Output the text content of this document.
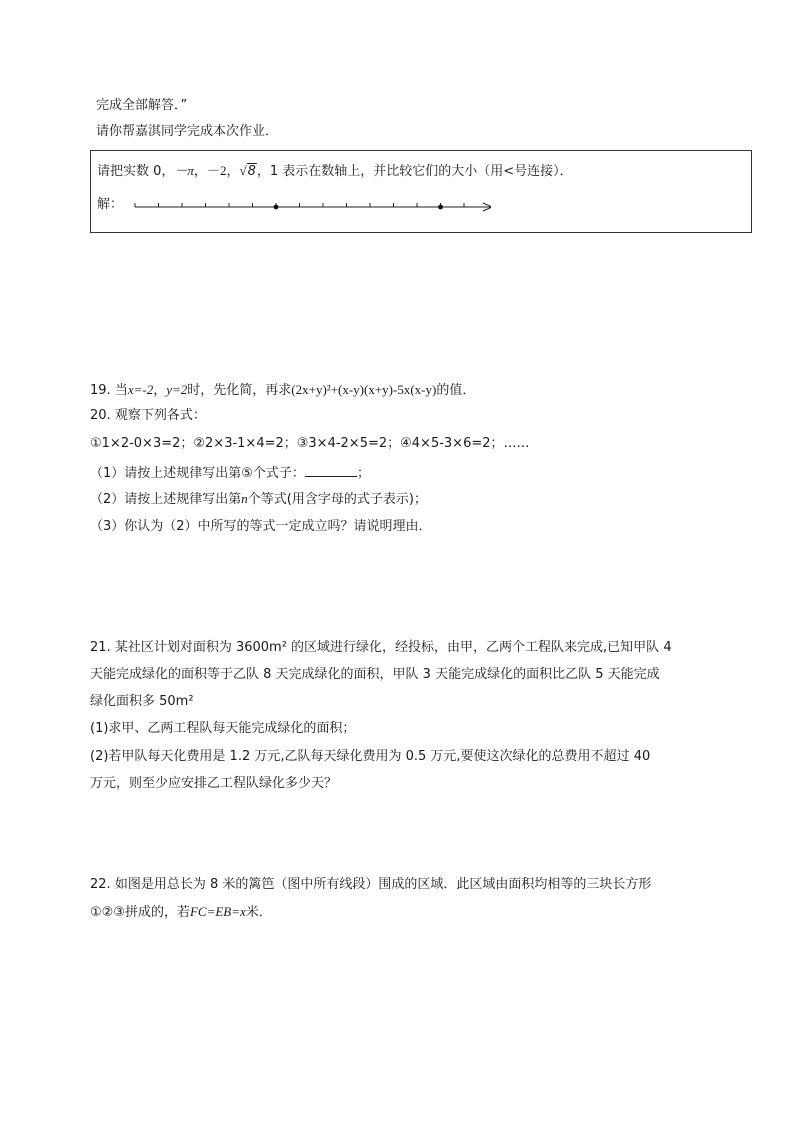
完成全部解答．”
请你帮嘉淇同学完成本次作业．
请把实数 0，－π，－2，√8，1 表示在数轴上，并比较它们的大小（用<号连接）．
解：
19. 当x=-2，y=2时，先化简，再求(2x+y)²+(x-y)(x+y)-5x(x-y)的值．
20. 观察下列各式：
①1×2-0×3=2；②2×3-1×4=2；③3×4-2×5=2；④4×5-3×6=2；……
（1）请按上述规律写出第⑤个式子：	；
（2）请按上述规律写出第n个等式(用含字母的式子表示)；
（3）你认为（2）中所写的等式一定成立吗？请说明理由．
21. 某社区计划对面积为 3600m² 的区域进行绿化，经投标，由甲，乙两个工程队来完成,已知甲队 4
天能完成绿化的面积等于乙队 8 天完成绿化的面积，甲队 3 天能完成绿化的面积比乙队 5 天能完成
绿化面积多 50m²
(1)求甲、乙两工程队每天能完成绿化的面积；
(2)若甲队每天化费用是 1.2 万元,乙队每天绿化费用为 0.5 万元,要使这次绿化的总费用不超过 40
万元，则至少应安排乙工程队绿化多少天？
22. 如图是用总长为 8 米的篱笆（图中所有线段）围成的区域．此区域由面积均相等的三块长方形
①②③拼成的，若FC=EB=x米．
